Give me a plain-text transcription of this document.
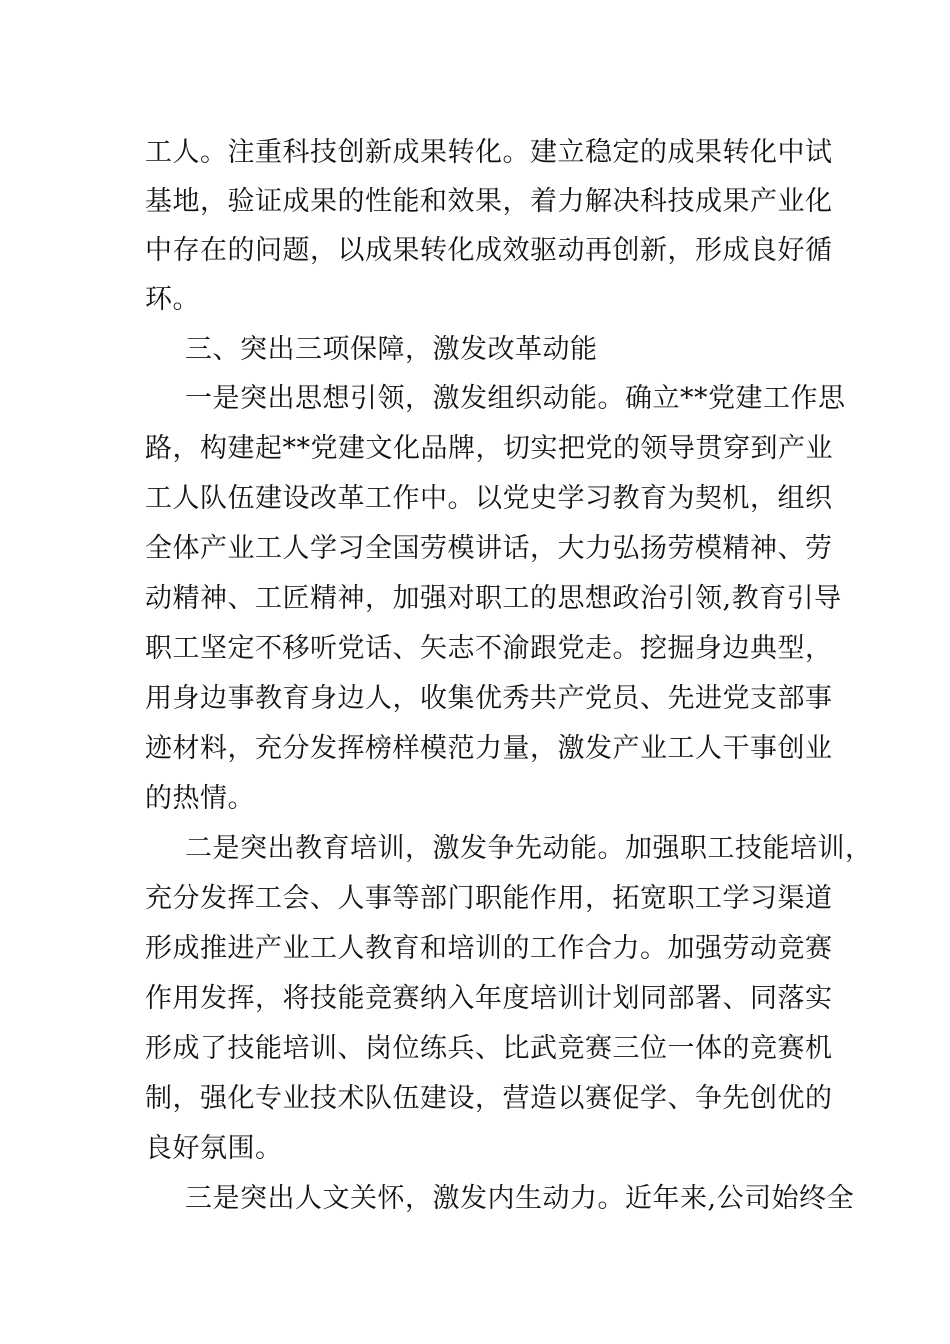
工人。注重科技创新成果转化。建立稳定的成果转化中试
基地，验证成果的性能和效果，着力解决科技成果产业化
中存在的问题，以成果转化成效驱动再创新，形成良好循
环。
三、突出三项保障，激发改革动能
一是突出思想引领，激发组织动能。确立**党建工作思
路，构建起**党建文化品牌，切实把党的领导贯穿到产业
工人队伍建设改革工作中。以党史学习教育为契机，组织
全体产业工人学习全国劳模讲话，大力弘扬劳模精神、劳
动精神、工匠精神，加强对职工的思想政治引领,教育引导
职工坚定不移听党话、矢志不渝跟党走。挖掘身边典型，
用身边事教育身边人，收集优秀共产党员、先进党支部事
迹材料，充分发挥榜样模范力量，激发产业工人干事创业
的热情。
二是突出教育培训，激发争先动能。加强职工技能培训，
充分发挥工会、人事等部门职能作用，拓宽职工学习渠道
形成推进产业工人教育和培训的工作合力。加强劳动竞赛
作用发挥，将技能竞赛纳入年度培训计划同部署、同落实
形成了技能培训、岗位练兵、比武竞赛三位一体的竞赛机
制，强化专业技术队伍建设，营造以赛促学、争先创优的
良好氛围。
三是突出人文关怀，激发内生动力。近年来,公司始终全
